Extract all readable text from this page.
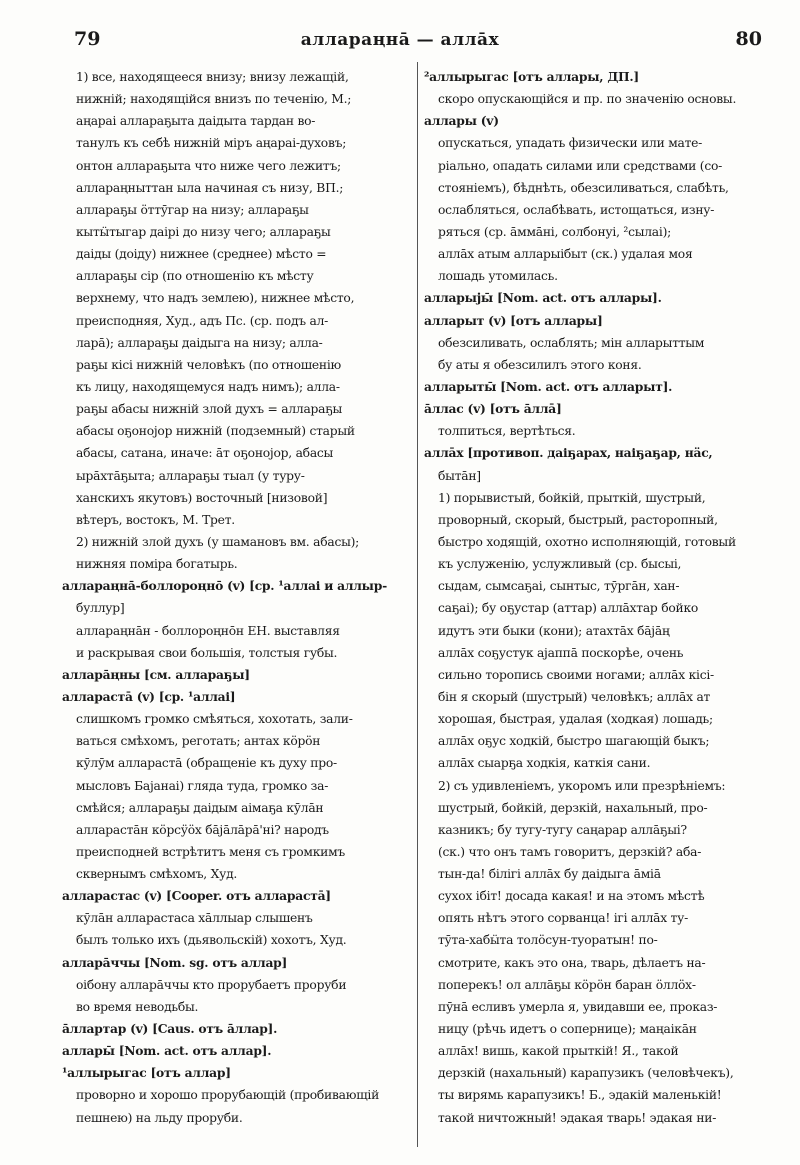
79	аллараңна̄ — алла̄х	80
1) все, находящееся внизу; внизу лежащій,
нижній; находящійся внизъ по теченію, М.;
аңарai аллараҕыта даідыта тардан во-
танулъ къ себѣ нижній міръ аңарai-духовъ;
онтон аллараҕыта что ниже чего лежитъ;
аллараңныттан ыла начиная съ низу, ВП.;
аллараҕы ӧттӯгар на низу; аллараҕы
кытӹтыгар даірі до низу чего; аллараҕы
даіды (доіду) нижнее (среднее) мѣсто =
аллараҕы сір (по отношенію къ мѣсту
верхнему, что надъ землею), нижнее мѣсто,
преисподняя, Худ., адъ Пс. (ср. подъ ал-
лара̄); аллараҕы даідыга на низу; алла-
раҕы кісі нижній человѣкъ (по отношенію
къ лицу, находящемуся надъ нимъ); алла-
раҕы абасы нижній злой духъ = аллараҕы
абасы оҕоноjор нижній (подземный) старый
абасы, сатана, иначе: а̄т оҕоноjор, абасы
ыра̄хта̄ҕыта; аллараҕы тыал (у туру-
ханскихъ якутовъ) восточный [низовой]
вѣтеръ, востокъ, М. Трет.
2) нижній злой духъ (у шамановъ вм. абасы);
нижняя поміра богатырь.
аллараңна̄-боллороңно̄ (v) [ср. ¹аллаі и аллыр-
буллур]
аллараңна̄н - боллороңно̄н ЕН. выставляя
и раскрывая свои большія, толстыя губы.
аллара̄ңны [см. аллараҕы]
алларастā (v) [ср. ¹аллаі]
слишкомъ громко смѣяться, хохотать, зали-
ваться смѣхомъ, реготать; антах кӧрӧн
кӯлӯм алларастā (обращеніе къ духу про-
мысловъ Баjанаі) гляда туда, громко за-
смѣйся; аллараҕы даідым аімаҕа кӯлāн
алларастāн кӧрсӱӧх бājāлāра̄'ні? народъ
преисподней встрѣтитъ меня съ громкимъ
сквернымъ смѣхомъ, Худ.
алларастас (v) [Cooper. отъ алларастā]
кӯлāн алларастаса хāллыар слышенъ
былъ только ихъ (дьявольскій) хохотъ, Худ.
аллара̄ччы [Nom. sg. отъ аллар]
оібону аллара̄ччы кто прорубаетъ проруби
во время неводьбы.
а̄ллартар (v) [Caus. отъ а̄ллар].
аллары̄ [Nom. act. отъ аллар].
¹аллырыгас [отъ аллар]
проворно и хорошо прорубающій (пробивающій
пешнею) на льду проруби.
²аллырыгас [отъ аллары, ДП.]
скоро опускающійся и пр. по значенію основы.
аллары (v)
опускаться, упадать физически или мате-
ріально, опадать силами или средствами (со-
стояніемъ), бѣднѣть, обезсиливаться, слабѣть,
ослабляться, ослабѣвать, истощаться, изну-
ряться (ср. а̄мма̄ні, солбонуі, ²сылаі);
аллāх атым алларыібыт (ск.) удалая моя
лошадь утомилась.
алларыjы̄ [Nom. act. отъ аллары].
алларыт (v) [отъ аллары]
обезсиливать, ослаблять; мін алларыттым
бу аты я обезсилилъ этого коня.
алларыты̄ [Nom. act. отъ алларыт].
а̄ллас (v) [отъ а̄ллā]
толпиться, вертѣться.
аллāх [противоп. даіҕарах, наіҕаҕар, нäс,
бытāн]
1) порывистый, бойкій, прыткій, шустрый,
проворный, скорый, быстрый, расторопный,
быстро ходящій, охотно исполняющій, готовый
къ услуженію, услужливый (ср. бысыі,
сыдам, сымсаҕаі, сынтыс, тӯргāн, хан-
саҕаі); бу оҕустар (аттар) аллāхтар бойко
идутъ эти быки (кони); атахтāх бājāң
аллāх соҕустук аjаппā поскорѣе, очень
сильно торопись своими ногами; аллāх кісі-
бін я скорый (шустрый) человѣкъ; аллāх ат
хорошая, быстрая, удалая (ходкая) лошадь;
аллāх оҕус ходкій, быстро шагающій быкъ;
аллāх сыарҕа ходкія, каткія сани.
2) съ удивленіемъ, укоромъ или презрѣніемъ:
шустрый, бойкій, дерзкій, нахальный, про-
казникъ; бу тугу-тугу саңарар аллāҕыі?
(ск.) что онъ тамъ говоритъ, дерзкій? аба-
тын-да! білігі аллāх бу даідыга āміā
сухох ібіт! досада какая! и на этомъ мѣстѣ
опять нѣтъ этого сорванца! ігі аллāх ту-
тӯта-хабӹта толӧсун-туоратын! по-
смотрите, какъ это она, тварь, дѣлаетъ на-
поперекъ! ол аллāҕы кӧрӧн баран ӧллӧх-
пӯнā есливъ умерла я, увидавши ее, проказ-
ницу (рѣчь идетъ о сопернице); маңаікāн
аллāх! вишь, какой прыткій! Я., такой
дерзкій (нахальный) карапузикъ (человѣчекъ),
ты вирямь карапузикъ! Б., эдакій маленькій!
такой ничтожный! эдакая тварь! эдакая ни-
